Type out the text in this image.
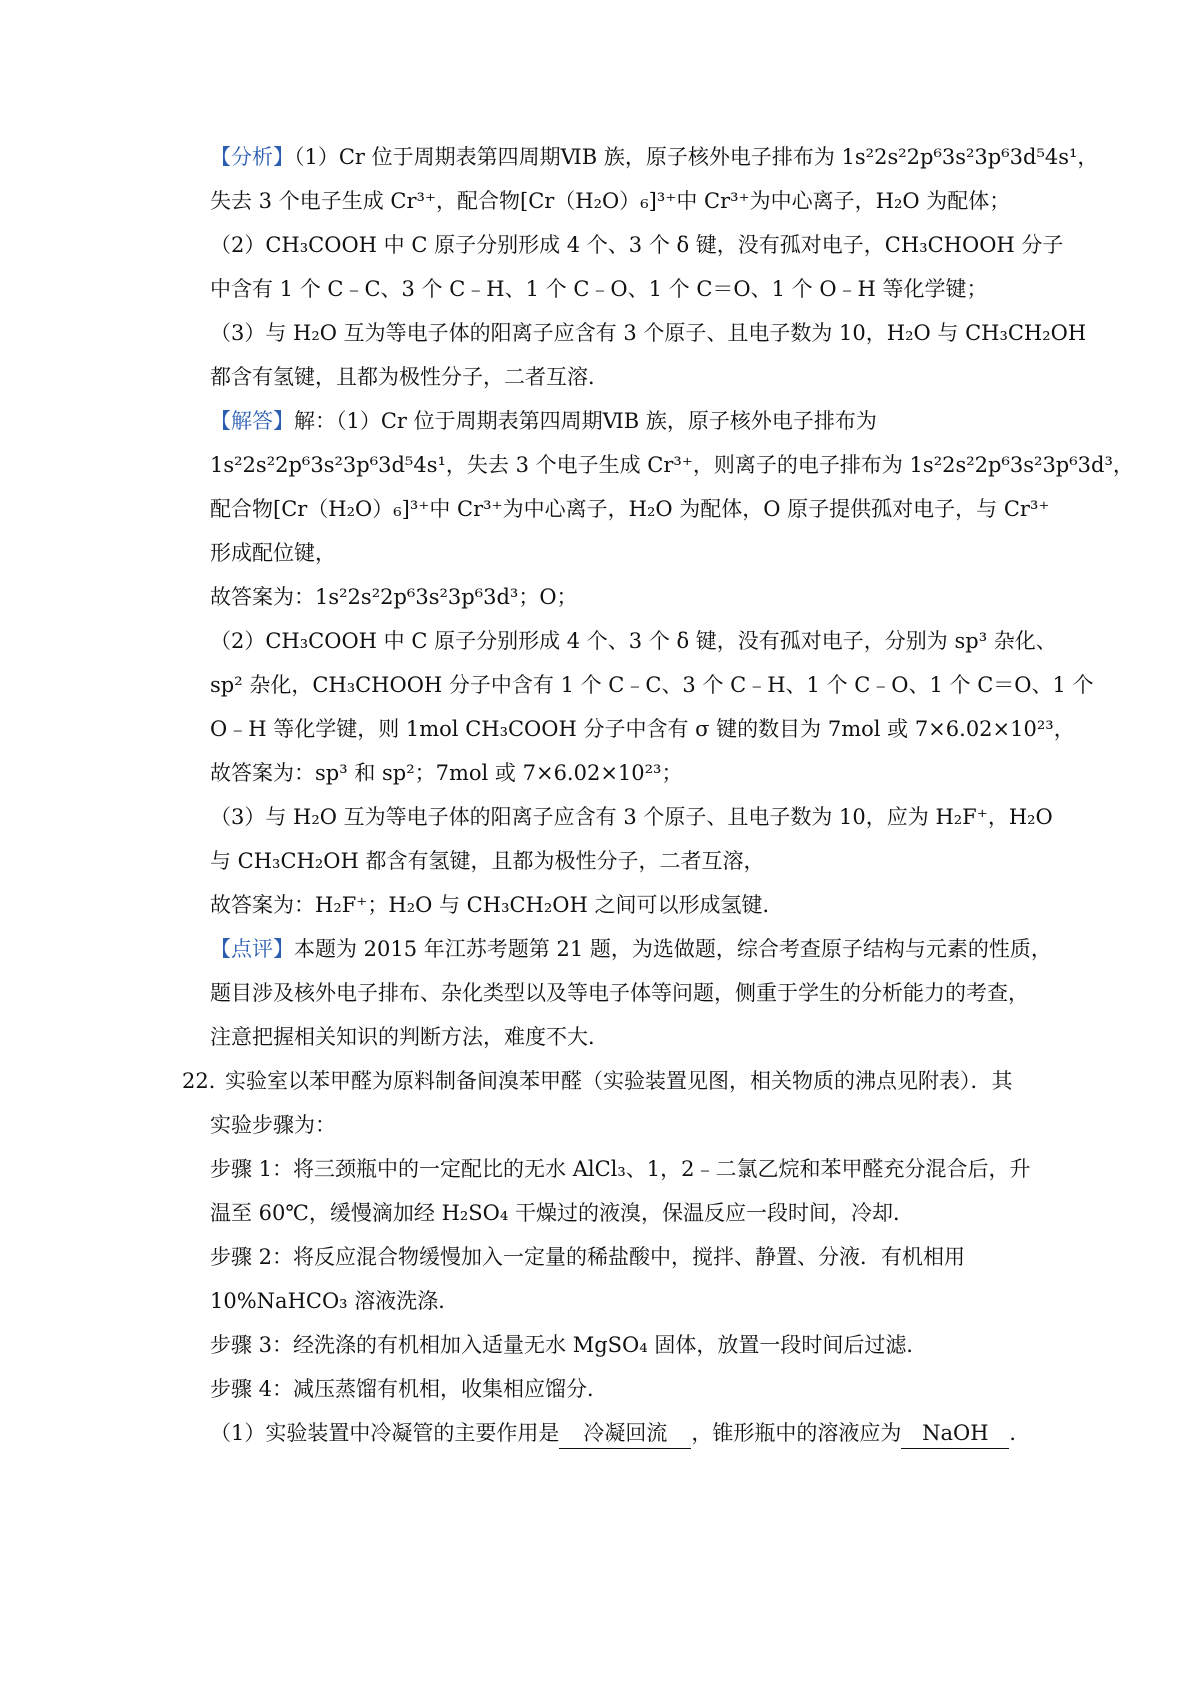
【分析】（1）Cr 位于周期表第四周期ⅥB 族，原子核外电子排布为 1s²2s²2p⁶3s²3p⁶3d⁵4s¹，
失去 3 个电子生成 Cr³⁺，配合物[Cr（H₂O）₆]³⁺中 Cr³⁺为中心离子，H₂O 为配体；
（2）CH₃COOH 中 C 原子分别形成 4 个、3 个 δ 键，没有孤对电子，CH₃CHOOH 分子
中含有 1 个 C﹣C、3 个 C﹣H、1 个 C﹣O、1 个 C＝O、1 个 O﹣H 等化学键；
（3）与 H₂O 互为等电子体的阳离子应含有 3 个原子、且电子数为 10，H₂O 与 CH₃CH₂OH
都含有氢键，且都为极性分子，二者互溶．
【解答】解：（1）Cr 位于周期表第四周期ⅥB 族，原子核外电子排布为
1s²2s²2p⁶3s²3p⁶3d⁵4s¹，失去 3 个电子生成 Cr³⁺，则离子的电子排布为 1s²2s²2p⁶3s²3p⁶3d³，
配合物[Cr（H₂O）₆]³⁺中 Cr³⁺为中心离子，H₂O 为配体，O 原子提供孤对电子，与 Cr³⁺
形成配位键，
故答案为：1s²2s²2p⁶3s²3p⁶3d³；O；
（2）CH₃COOH 中 C 原子分别形成 4 个、3 个 δ 键，没有孤对电子，分别为 sp³ 杂化、
sp² 杂化，CH₃CHOOH 分子中含有 1 个 C﹣C、3 个 C﹣H、1 个 C﹣O、1 个 C＝O、1 个
O﹣H 等化学键，则 1mol CH₃COOH 分子中含有 σ 键的数目为 7mol 或 7×6.02×10²³，
故答案为：sp³ 和 sp²；7mol 或 7×6.02×10²³；
（3）与 H₂O 互为等电子体的阳离子应含有 3 个原子、且电子数为 10，应为 H₂F⁺，H₂O
与 CH₃CH₂OH 都含有氢键，且都为极性分子，二者互溶，
故答案为：H₂F⁺；H₂O 与 CH₃CH₂OH 之间可以形成氢键．
【点评】本题为 2015 年江苏考题第 21 题，为选做题，综合考查原子结构与元素的性质，
题目涉及核外电子排布、杂化类型以及等电子体等问题，侧重于学生的分析能力的考查，
注意把握相关知识的判断方法，难度不大．
22．
实验室以苯甲醛为原料制备间溴苯甲醛（实验装置见图，相关物质的沸点见附表）．其
实验步骤为：
步骤 1：将三颈瓶中的一定配比的无水 AlCl₃、1，2﹣二氯乙烷和苯甲醛充分混合后，升
温至 60℃，缓慢滴加经 H₂SO₄ 干燥过的液溴，保温反应一段时间，冷却．
步骤 2：将反应混合物缓慢加入一定量的稀盐酸中，搅拌、静置、分液．有机相用
10%NaHCO₃ 溶液洗涤．
步骤 3：经洗涤的有机相加入适量无水 MgSO₄ 固体，放置一段时间后过滤．
步骤 4：减压蒸馏有机相，收集相应馏分．
（1）实验装置中冷凝管的主要作用是 冷凝回流 ，锥形瓶中的溶液应为 NaOH ．
